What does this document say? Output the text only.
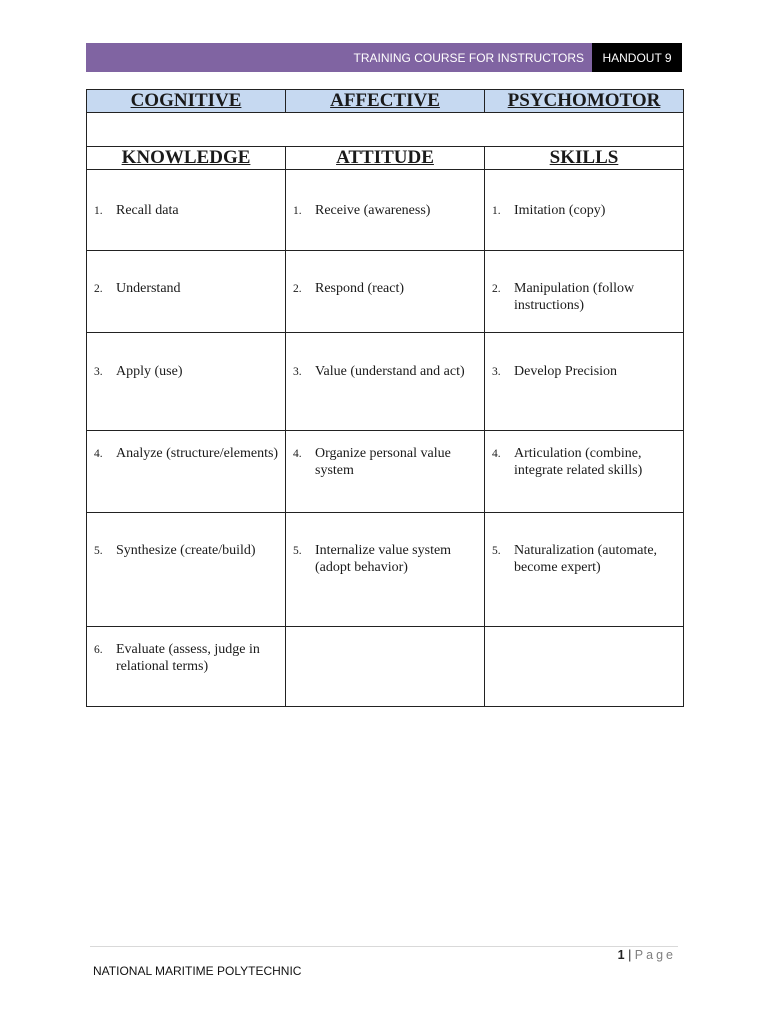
TRAINING COURSE FOR INSTRUCTORS	HANDOUT 9
COGNITIVE	AFFECTIVE	PSYCHOMOTOR

KNOWLEDGE	ATTITUDE	SKILLS

1. Recall data	1. Receive (awareness)	1. Imitation (copy)

2. Understand	2. Respond (react)	2. Manipulation (follow instructions)

3. Apply (use)	3. Value (understand and act)	3. Develop Precision

4. Analyze (structure/elements)	4. Organize personal value system	4. Articulation (combine, integrate related skills)

5. Synthesize (create/build)	5. Internalize value system (adopt behavior)	5. Naturalization (automate, become expert)

6. Evaluate (assess, judge in relational terms)		

1 | Page
NATIONAL MARITIME POLYTECHNIC
